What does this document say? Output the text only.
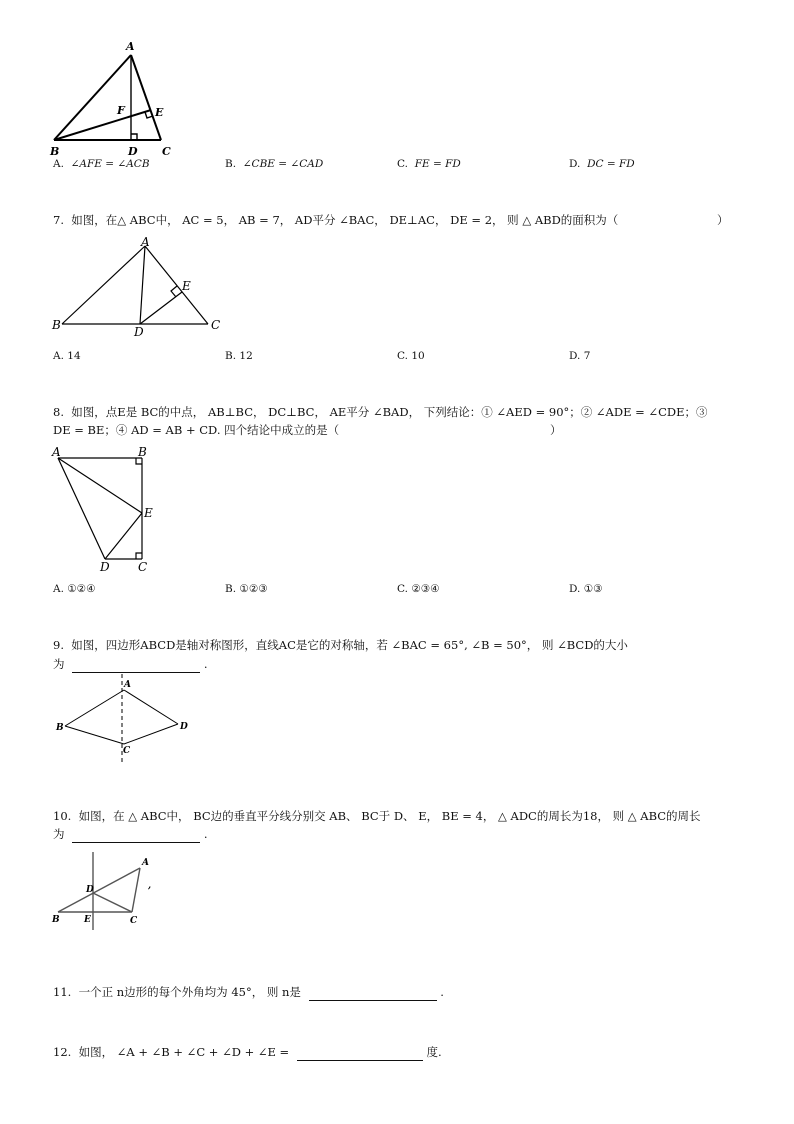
A
B	C
D
E
F
A. ∠AFE = ∠ACB	B. ∠CBE = ∠CAD	C. FE = FD	D. DC = FD
7. 如图，在△ ABC中， AC = 5， AB = 7， AD平分 ∠BAC， DE⊥AC， DE = 2， 则 △ ABD的面积为（	）
A
B	C
D
E
A. 14	B. 12	C. 10	D. 7
8. 如图，点E是 BC的中点， AB⊥BC， DC⊥BC， AE平分 ∠BAD， 下列结论：① ∠AED = 90°；② ∠ADE = ∠CDE；③
DE = BE；④ AD = AB + CD. 四个结论中成立的是（	）
A	B
C
D
E
A. ①②④	B. ①②③	C. ②③④	D. ①③
9. 如图，四边形ABCD是轴对称图形，直线AC是它的对称轴，若 ∠BAC = 65°, ∠B = 50°， 则 ∠BCD的大小
为	.
A
B
C
D
10. 如图，在 △ ABC中， BC边的垂直平分线分别交 AB、 BC于 D、 E， BE = 4， △ ADC的周长为18， 则 △ ABC的周长
为	.
A
B	C
D
E
,
11. 一个正 n边形的每个外角均为 45°， 则 n是	.
12. 如图， ∠A + ∠B + ∠C + ∠D + ∠E =	度.
